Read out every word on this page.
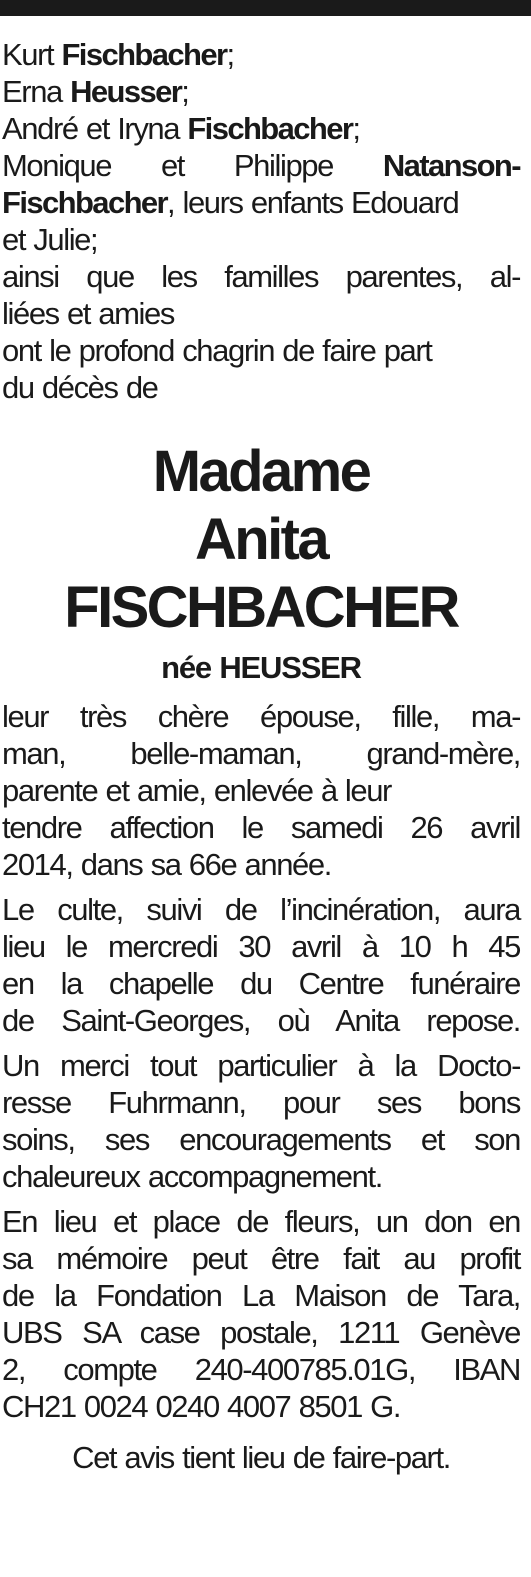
Kurt Fischbacher;
Erna Heusser;
André et Iryna Fischbacher;
Monique et Philippe Natanson-
Fischbacher, leurs enfants Edouard
et Julie;
ainsi que les familles parentes, al-
liées et amies
ont le profond chagrin de faire part
du décès de
Madame
Anita FISCHBACHER
née HEUSSER
leur très chère épouse, fille, ma-
man, belle-maman, grand-mère,
parente et amie, enlevée à leur
tendre affection le samedi 26 avril
2014, dans sa 66e année.
Le culte, suivi de l’incinération, aura
lieu le mercredi 30 avril à 10 h 45
en la chapelle du Centre funéraire
de Saint-Georges, où Anita repose.
Un merci tout particulier à la Docto-
resse Fuhrmann, pour ses bons
soins, ses encouragements et son
chaleureux accompagnement.
En lieu et place de fleurs, un don en
sa mémoire peut être fait au profit
de la Fondation La Maison de Tara,
UBS SA case postale, 1211 Genève
2, compte 240-400785.01G, IBAN
CH21 0024 0240 4007 8501 G.
Cet avis tient lieu de faire-part.
